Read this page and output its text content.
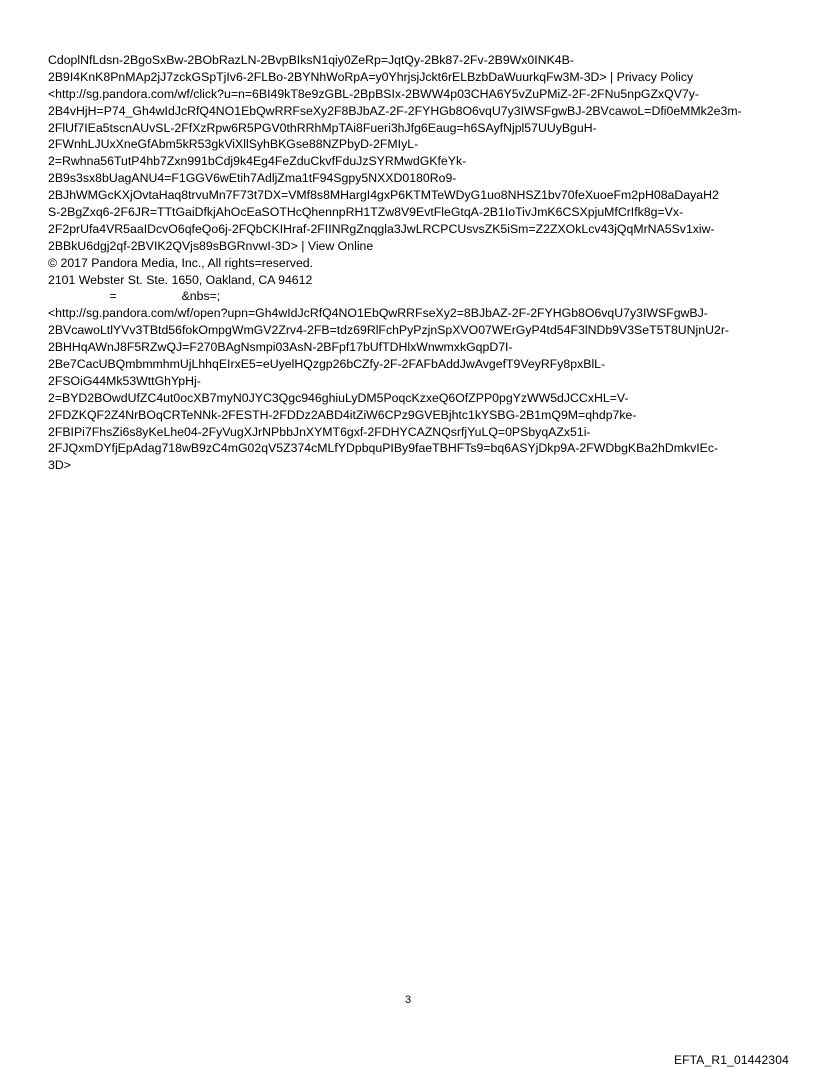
CdoplNfLdsn-2BgoSxBw-2BObRazLN-2BvpBIksN1qiy0ZeRp=JqtQy-2Bk87-2Fv-2B9Wx0INK4B-
2B9I4KnK8PnMAp2jJ7zckGSpTjIv6-2FLBo-2BYNhWoRpA=y0YhrjsjJckt6rELBzbDaWuurkqFw3M-3D> | Privacy Policy
<http://sg.pandora.com/wf/click?u=n=6BI49kT8e9zGBL-2BpBSIx-2BWW4p03CHA6Y5vZuPMiZ-2F-2FNu5npGZxQV7y-
2B4vHjH=P74_Gh4wIdJcRfQ4NO1EbQwRRFseXy2F8BJbAZ-2F-2FYHGb8O6vqU7y3IWSFgwBJ-2BVcawoL=Dfi0eMMk2e3m-
2FlUf7IEa5tscnAUvSL-2FfXzRpw6R5PGV0thRRhMpTAi8Fueri3hJfg6Eaug=h6SAyfNjpl57UUyBguH-
2FWnhLJUxXneGfAbm5kR53gkViXllSyhBKGse88NZPbyD-2FMIyL-
2=Rwhna56TutP4hb7Zxn991bCdj9k4Eg4FeZduCkvfFduJzSYRMwdGKfeYk-
2B9s3sx8bUagANU4=F1GGV6wEtih7AdljZma1tF94Sgpy5NXXD0180Ro9-
2BJhWMGcKXjOvtaHaq8trvuMn7F73t7DX=VMf8s8MHargI4gxP6KTMTeWDyG1uo8NHSZ1bv70feXuoeFm2pH08aDayaH2
S-2BgZxq6-2F6JR=TTtGaiDfkjAhOcEaSOTHcQhennpRH1TZw8V9EvtFleGtqA-2B1IoTivJmK6CSXpjuMfCrIfk8g=Vx-
2F2prUfa4VR5aaIDcvO6qfeQo6j-2FQbCKIHraf-2FIINRgZnqgla3JwLRCPCUsvsZK5iSm=Z2ZXOkLcv43jQqMrNA5Sv1xiw-
2BBkU6dgj2qf-2BVIK2QVjs89sBGRnvwI-3D> | View Online
© 2017 Pandora Media, Inc., All rights=reserved.
2101 Webster St. Ste. 1650, Oakland, CA 94612
=                   &nbs=;
<http://sg.pandora.com/wf/open?upn=Gh4wIdJcRfQ4NO1EbQwRRFseXy2=8BJbAZ-2F-2FYHGb8O6vqU7y3IWSFgwBJ-
2BVcawoLtlYVv3TBtd56fokOmpgWmGV2Zrv4-2FB=tdz69RlFchPyPzjnSpXVO07WErGyP4td54F3lNDb9V3SeT5T8UNjnU2r-
2BHHqAWnJ8F5RZwQJ=F270BAgNsmpi03AsN-2BFpf17bUfTDHlxWnwmxkGqpD7I-
2Be7CacUBQmbmmhmUjLhhqEIrxE5=eUyelHQzgp26bCZfy-2F-2FAFbAddJwAvgefT9VeyRFy8pxBlL-
2FSOiG44Mk53WttGhYpHj-
2=BYD2BOwdUfZC4ut0ocXB7myN0JYC3Qgc946ghiuLyDM5PoqcKzxeQ6OfZPP0pgYzWW5dJCCxHL=V-
2FDZKQF2Z4NrBOqCRTeNNk-2FESTH-2FDDz2ABD4itZiW6CPz9GVEBjhtc1kYSBG-2B1mQ9M=qhdp7ke-
2FBIPi7FhsZi6s8yKeLhe04-2FyVugXJrNPbbJnXYMT6gxf-2FDHYCAZNQsrfjYuLQ=0PSbyqAZx51i-
2FJQxmDYfjEpAdag718wB9zC4mG02qV5Z374cMLfYDpbquPIBy9faeTBHFTs9=bq6ASYjDkp9A-2FWDbgKBa2hDmkvIEc-
3D>
3
EFTA_R1_01442304
